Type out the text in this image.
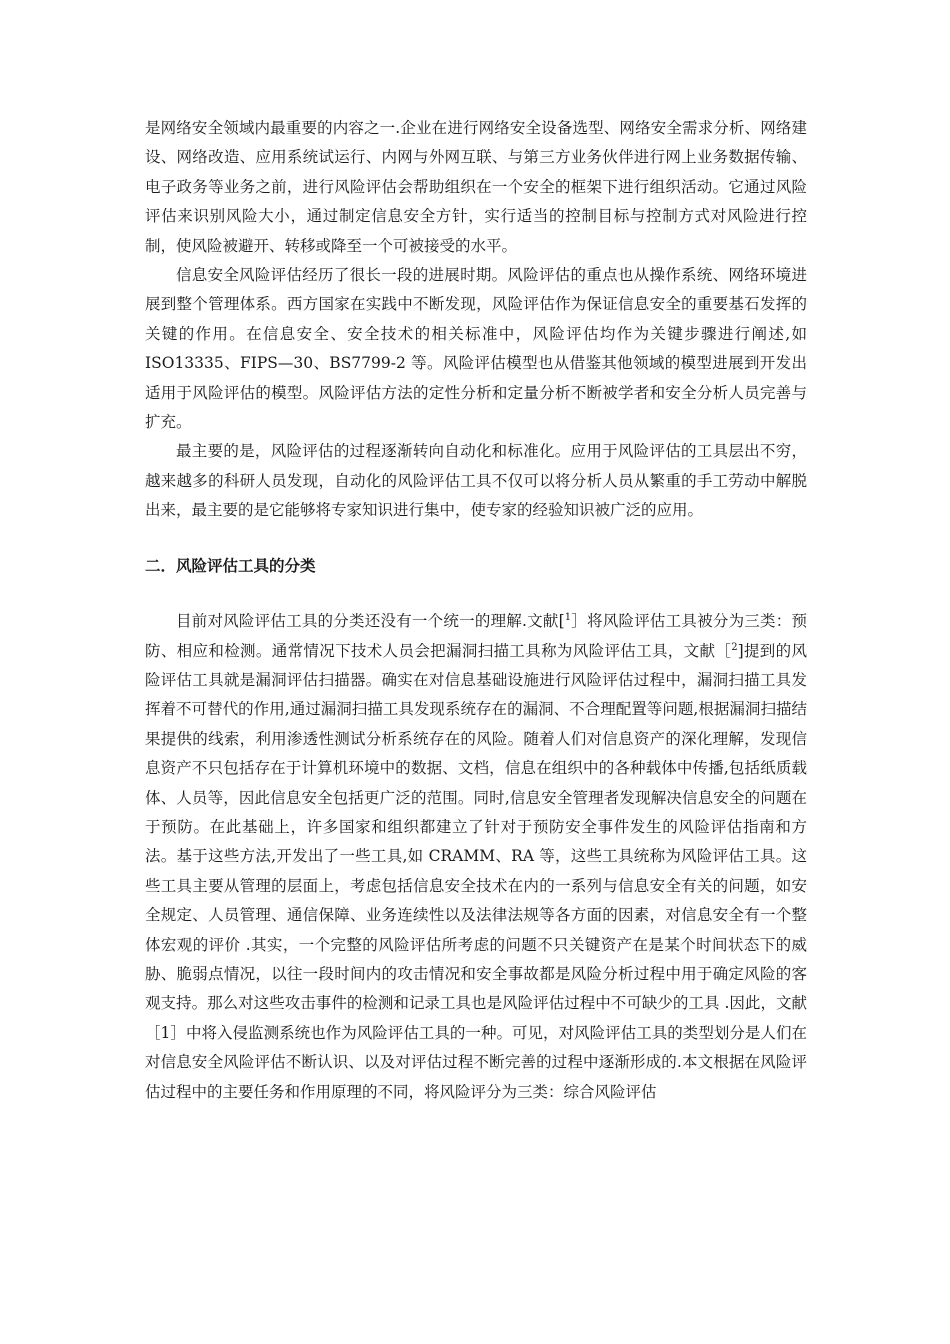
是网络安全领域内最重要的内容之一.企业在进行网络安全设备选型、网络安全需求分析、网络建设、网络改造、应用系统试运行、内网与外网互联、与第三方业务伙伴进行网上业务数据传输、电子政务等业务之前，进行风险评估会帮助组织在一个安全的框架下进行组织活动。它通过风险评估来识别风险大小，通过制定信息安全方针，实行适当的控制目标与控制方式对风险进行控制，使风险被避开、转移或降至一个可被接受的水平。

信息安全风险评估经历了很长一段的进展时期。风险评估的重点也从操作系统、网络环境进展到整个管理体系。西方国家在实践中不断发现，风险评估作为保证信息安全的重要基石发挥的关键的作用。在信息安全、安全技术的相关标准中，风险评估均作为关键步骤进行阐述,如 ISO13335、FIPS—30、BS7799-2 等。风险评估模型也从借鉴其他领域的模型进展到开发出适用于风险评估的模型。风险评估方法的定性分析和定量分析不断被学者和安全分析人员完善与扩充。

最主要的是，风险评估的过程逐渐转向自动化和标准化。应用于风险评估的工具层出不穷，越来越多的科研人员发现，自动化的风险评估工具不仅可以将分析人员从繁重的手工劳动中解脱出来，最主要的是它能够将专家知识进行集中，使专家的经验知识被广泛的应用。

二．风险评估工具的分类

目前对风险评估工具的分类还没有一个统一的理解.文献[$^1$］将风险评估工具被分为三类：预防、相应和检测。通常情况下技术人员会把漏洞扫描工具称为风险评估工具，文献［$^2$]提到的风险评估工具就是漏洞评估扫描器。确实在对信息基础设施进行风险评估过程中，漏洞扫描工具发挥着不可替代的作用,通过漏洞扫描工具发现系统存在的漏洞、不合理配置等问题,根据漏洞扫描结果提供的线索，利用渗透性测试分析系统存在的风险。随着人们对信息资产的深化理解，发现信息资产不只包括存在于计算机环境中的数据、文档，信息在组织中的各种载体中传播,包括纸质载体、人员等，因此信息安全包括更广泛的范围。同时,信息安全管理者发现解决信息安全的问题在于预防。在此基础上，许多国家和组织都建立了针对于预防安全事件发生的风险评估指南和方法。基于这些方法,开发出了一些工具,如 CRAMM、RA 等，这些工具统称为风险评估工具。这些工具主要从管理的层面上，考虑包括信息安全技术在内的一系列与信息安全有关的问题，如安全规定、人员管理、通信保障、业务连续性以及法律法规等各方面的因素，对信息安全有一个整体宏观的评价 .其实，一个完整的风险评估所考虑的问题不只关键资产在是某个时间状态下的威胁、脆弱点情况，以往一段时间内的攻击情况和安全事故都是风险分析过程中用于确定风险的客观支持。那么对这些攻击事件的检测和记录工具也是风险评估过程中不可缺少的工具 .因此，文献［1］中将入侵监测系统也作为风险评估工具的一种。可见，对风险评估工具的类型划分是人们在对信息安全风险评估不断认识、以及对评估过程不断完善的过程中逐渐形成的.本文根据在风险评估过程中的主要任务和作用原理的不同，将风险评分为三类：综合风险评估
